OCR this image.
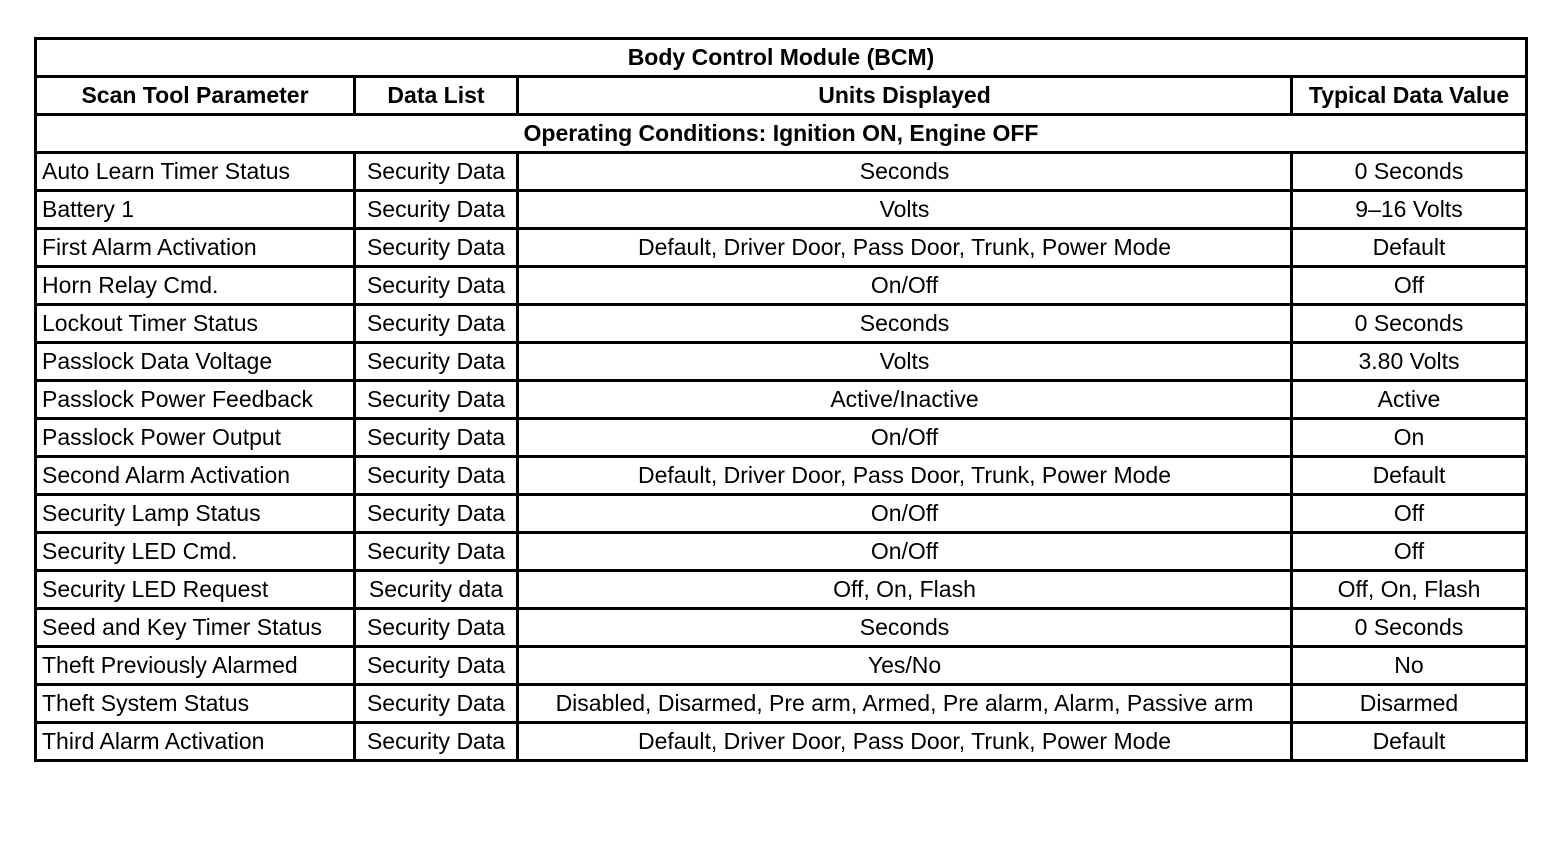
Body Control Module (BCM)			
Scan Tool Parameter	Data List	Units Displayed	Typical Data Value
Operating Conditions: Ignition ON, Engine OFF			
Auto Learn Timer Status	Security Data	Seconds	0 Seconds
Battery 1	Security Data	Volts	9–16 Volts
First Alarm Activation	Security Data	Default, Driver Door, Pass Door, Trunk, Power Mode	Default
Horn Relay Cmd.	Security Data	On/Off	Off
Lockout Timer Status	Security Data	Seconds	0 Seconds
Passlock Data Voltage	Security Data	Volts	3.80 Volts
Passlock Power Feedback	Security Data	Active/Inactive	Active
Passlock Power Output	Security Data	On/Off	On
Second Alarm Activation	Security Data	Default, Driver Door, Pass Door, Trunk, Power Mode	Default
Security Lamp Status	Security Data	On/Off	Off
Security LED Cmd.	Security Data	On/Off	Off
Security LED Request	Security data	Off, On, Flash	Off, On, Flash
Seed and Key Timer Status	Security Data	Seconds	0 Seconds
Theft Previously Alarmed	Security Data	Yes/No	No
Theft System Status	Security Data	Disabled, Disarmed, Pre arm, Armed, Pre alarm, Alarm, Passive arm	Disarmed
Third Alarm Activation	Security Data	Default, Driver Door, Pass Door, Trunk, Power Mode	Default
